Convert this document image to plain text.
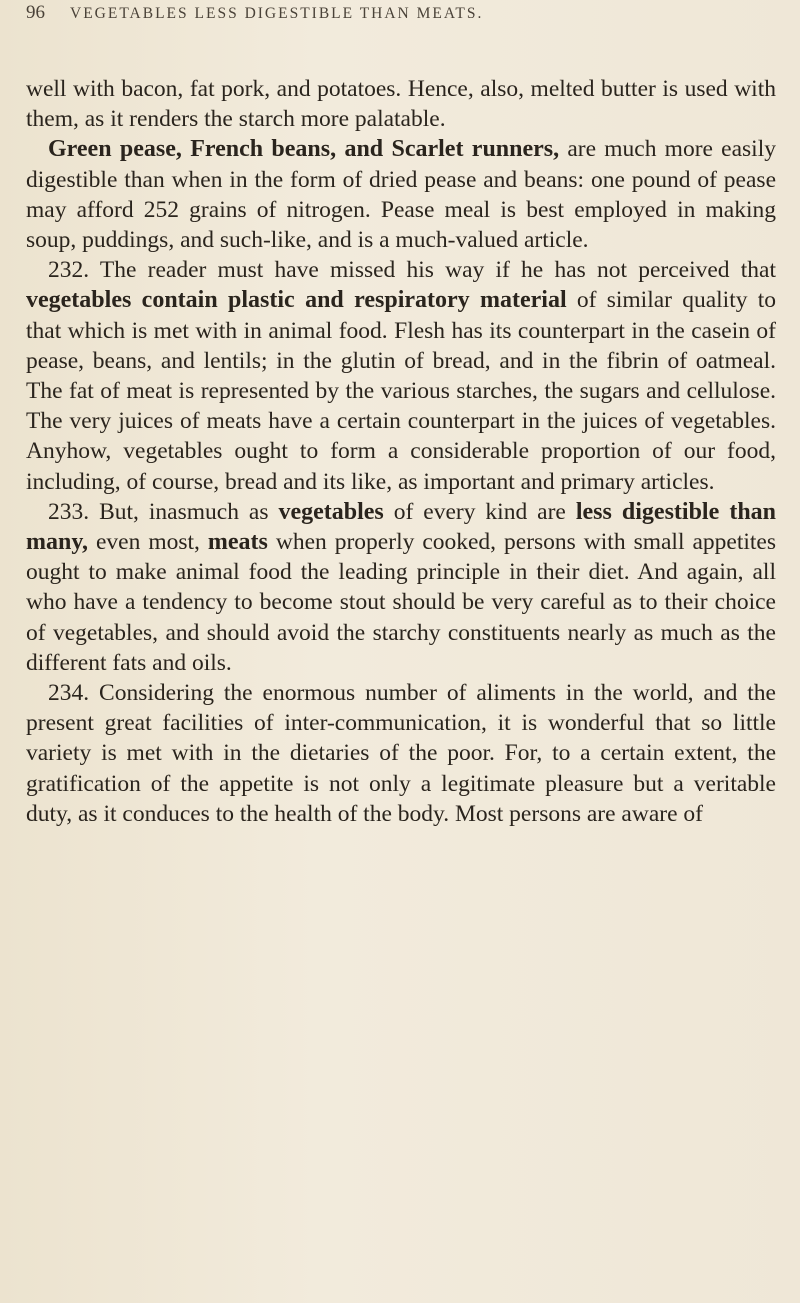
96	VEGETABLES LESS DIGESTIBLE THAN MEATS.

well with bacon, fat pork, and potatoes. Hence, also, melted butter is used with them, as it renders the starch more palatable.

Green pease, French beans, and Scarlet runners, are much more easily digestible than when in the form of dried pease and beans: one pound of pease may afford 252 grains of nitrogen. Pease meal is best employed in making soup, puddings, and such-like, and is a much-valued article.

232. The reader must have missed his way if he has not perceived that vegetables contain plastic and respiratory material of similar quality to that which is met with in animal food. Flesh has its counterpart in the casein of pease, beans, and lentils; in the glutin of bread, and in the fibrin of oatmeal. The fat of meat is represented by the various starches, the sugars and cellulose. The very juices of meats have a certain counterpart in the juices of vegetables. Anyhow, vegetables ought to form a considerable proportion of our food, including, of course, bread and its like, as important and primary articles.

233. But, inasmuch as vegetables of every kind are less digestible than many, even most, meats when properly cooked, persons with small appetites ought to make animal food the leading principle in their diet. And again, all who have a tendency to become stout should be very careful as to their choice of vegetables, and should avoid the starchy constituents nearly as much as the different fats and oils.

234. Considering the enormous number of aliments in the world, and the present great facilities of inter-communication, it is wonderful that so little variety is met with in the dietaries of the poor. For, to a certain extent, the gratification of the appetite is not only a legitimate pleasure but a veritable duty, as it conduces to the health of the body. Most persons are aware of
